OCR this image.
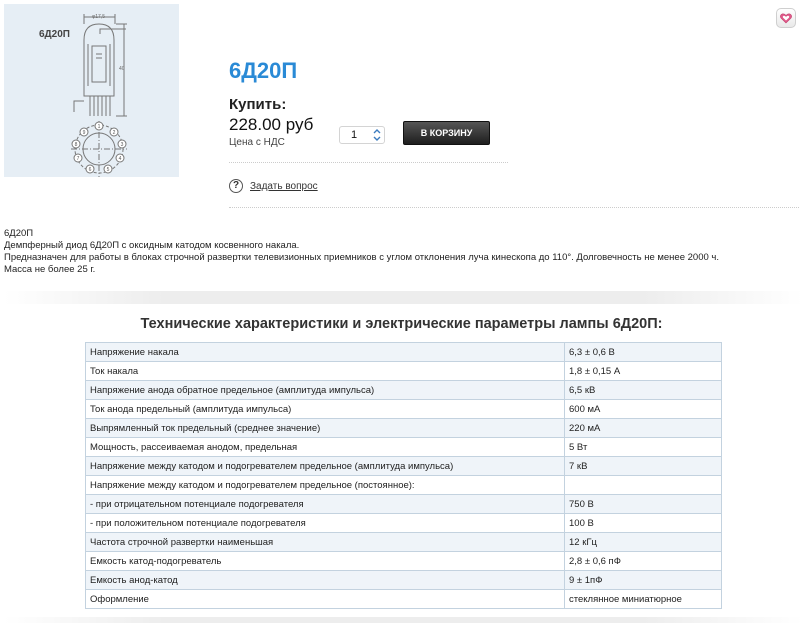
6Д20П
φ17,5
40
1
2
3
4
5
6
7
8
9
6Д20П
Купить:
228.00 руб
Цена с НДС
1	В КОРЗИНУ
?	Задать вопрос
6Д20П
Демпферный диод 6Д20П с оксидным катодом косвенного накала.
Предназначен для работы в блоках строчной развертки телевизионных приемников с углом отклонения луча кинескопа до 110°. Долговечность не менее 2000 ч.
Масса не более 25 г.
Технические характеристики и электрические параметры лампы 6Д20П:
Напряжение накала	6,3 ± 0,6 В
Ток накала	1,8 ± 0,15 А
Напряжение анода обратное предельное (амплитуда импульса)	6,5 кВ
Ток анода предельный (амплитуда импульса)	600 мА
Выпрямленный ток предельный (среднее значение)	220 мА
Мощность, рассеиваемая анодом, предельная	5 Вт
Напряжение между катодом и подогревателем предельное (амплитуда импульса)	7 кВ
Напряжение между катодом и подогревателем предельное (постоянное):	
- при отрицательном потенциале подогревателя	750 В
- при положительном потенциале подогревателя	100 В
Частота строчной развертки наименьшая	12 кГц
Емкость катод-подогреватель	2,8 ± 0,6 пФ
Емкость анод-катод	9 ± 1пФ
Оформление	стеклянное миниатюрное
